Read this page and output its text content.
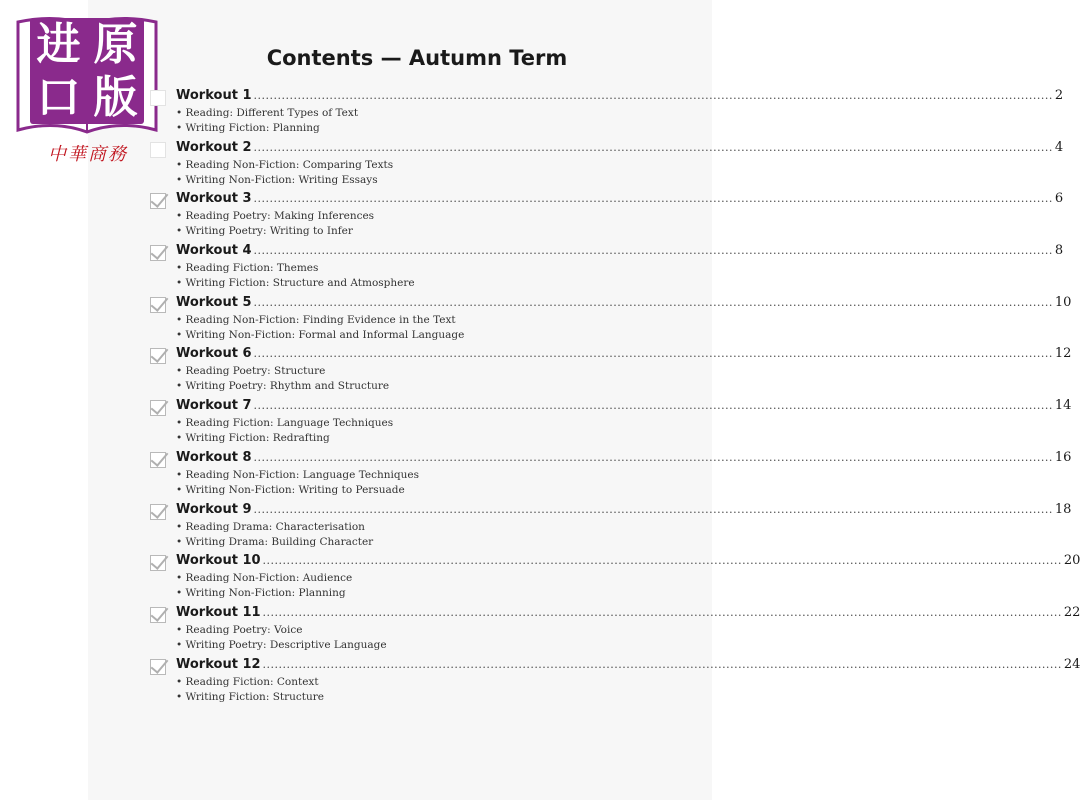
进 原
口 版
中華商務
Contents — Autumn Term
Workout 1 ........................................................................................................................................................................................................ 2
• Reading: Different Types of Text
• Writing Fiction: Planning
Workout 2 ........................................................................................................................................................................................................ 4
• Reading Non-Fiction: Comparing Texts
• Writing Non-Fiction: Writing Essays
Workout 3 ........................................................................................................................................................................................................ 6
• Reading Poetry: Making Inferences
• Writing Poetry: Writing to Infer
Workout 4 ........................................................................................................................................................................................................ 8
• Reading Fiction: Themes
• Writing Fiction: Structure and Atmosphere
Workout 5 ........................................................................................................................................................................................................ 10
• Reading Non-Fiction: Finding Evidence in the Text
• Writing Non-Fiction: Formal and Informal Language
Workout 6 ........................................................................................................................................................................................................ 12
• Reading Poetry: Structure
• Writing Poetry: Rhythm and Structure
Workout 7 ........................................................................................................................................................................................................ 14
• Reading Fiction: Language Techniques
• Writing Fiction: Redrafting
Workout 8 ........................................................................................................................................................................................................ 16
• Reading Non-Fiction: Language Techniques
• Writing Non-Fiction: Writing to Persuade
Workout 9 ........................................................................................................................................................................................................ 18
• Reading Drama: Characterisation
• Writing Drama: Building Character
Workout 10 ........................................................................................................................................................................................................ 20
• Reading Non-Fiction: Audience
• Writing Non-Fiction: Planning
Workout 11 ........................................................................................................................................................................................................ 22
• Reading Poetry: Voice
• Writing Poetry: Descriptive Language
Workout 12 ........................................................................................................................................................................................................ 24
• Reading Fiction: Context
• Writing Fiction: Structure
